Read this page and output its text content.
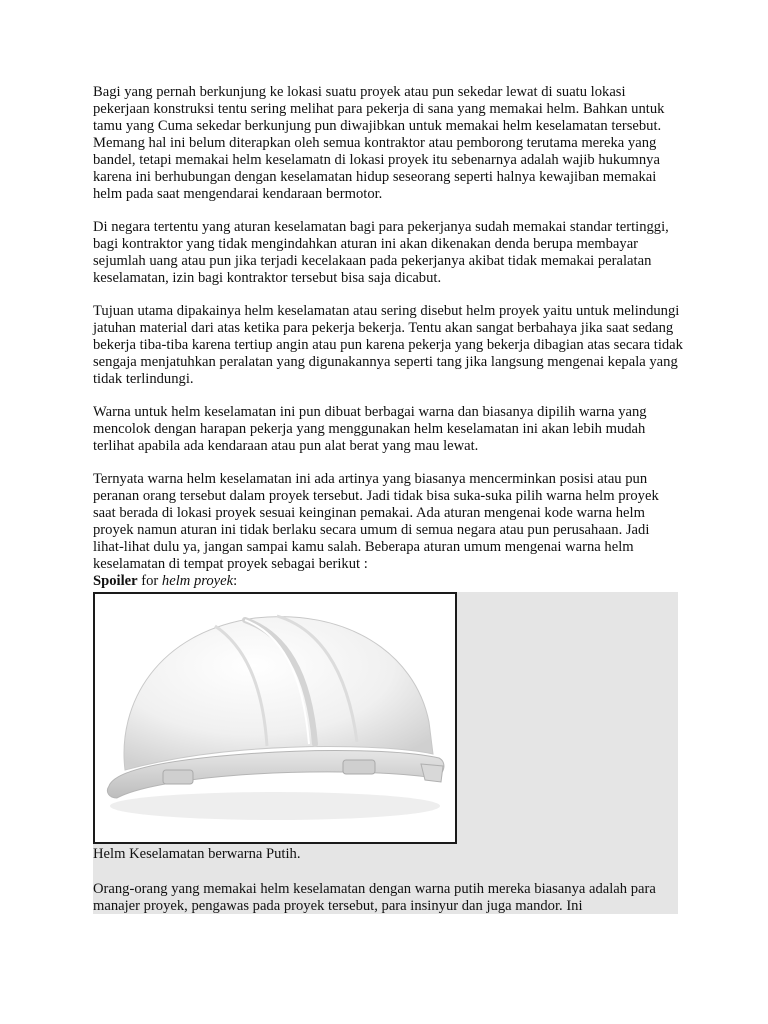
Bagi yang pernah berkunjung ke lokasi suatu proyek atau pun sekedar lewat di suatu lokasi pekerjaan konstruksi tentu sering melihat para pekerja di sana yang memakai helm. Bahkan untuk tamu yang Cuma sekedar berkunjung pun diwajibkan untuk memakai helm keselamatan tersebut. Memang hal ini belum diterapkan oleh semua kontraktor atau pemborong terutama mereka yang bandel, tetapi memakai helm keselamatn di lokasi proyek itu sebenarnya adalah wajib hukumnya karena ini berhubungan dengan keselamatan hidup seseorang seperti halnya kewajiban memakai helm pada saat mengendarai kendaraan bermotor.

Di negara tertentu yang aturan keselamatan bagi para pekerjanya sudah memakai standar tertinggi, bagi kontraktor yang tidak mengindahkan aturan ini akan dikenakan denda berupa membayar sejumlah uang atau pun jika terjadi kecelakaan pada pekerjanya akibat tidak memakai peralatan keselamatan, izin bagi kontraktor tersebut bisa saja dicabut.

Tujuan utama dipakainya helm keselamatan atau sering disebut helm proyek yaitu untuk melindungi jatuhan material dari atas ketika para pekerja bekerja. Tentu akan sangat berbahaya jika saat sedang bekerja tiba-tiba karena tertiup angin atau pun karena pekerja yang bekerja dibagian atas secara tidak sengaja menjatuhkan peralatan yang digunakannya seperti tang jika langsung mengenai kepala yang tidak terlindungi.

Warna untuk helm keselamatan ini pun dibuat berbagai warna dan biasanya dipilih warna yang mencolok dengan harapan pekerja yang menggunakan helm keselamatan ini akan lebih mudah terlihat apabila ada kendaraan atau pun alat berat yang mau lewat.

Ternyata warna helm keselamatan ini ada artinya yang biasanya mencerminkan posisi atau pun peranan orang tersebut dalam proyek tersebut. Jadi tidak bisa suka-suka pilih warna helm proyek saat berada di lokasi proyek sesuai keinginan pemakai. Ada aturan mengenai kode warna helm proyek namun aturan ini tidak berlaku secara umum di semua negara atau pun perusahaan. Jadi lihat-lihat dulu ya, jangan sampai kamu salah. Beberapa aturan umum mengenai warna helm keselamatan di tempat proyek sebagai berikut :

Spoiler for helm proyek:
Helm Keselamatan berwarna Putih.
Orang-orang yang memakai helm keselamatan dengan warna putih mereka biasanya adalah para manajer proyek, pengawas pada proyek tersebut, para insinyur dan juga mandor. Ini
